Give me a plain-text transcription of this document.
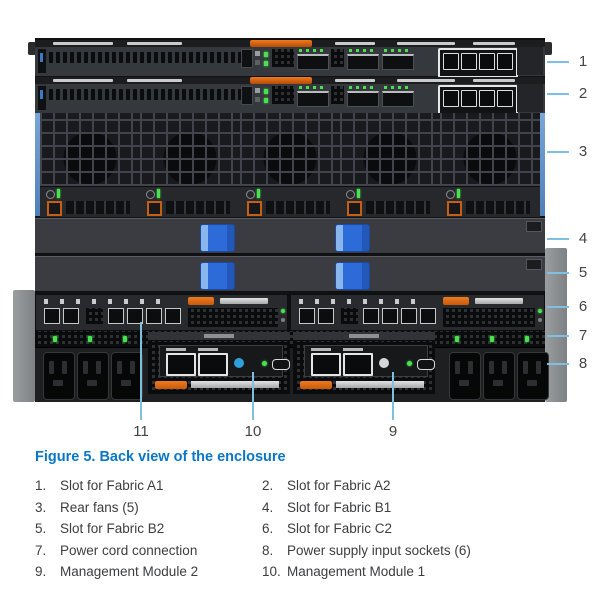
1
2
3
4
5
6
7
8
11	10	9
Figure 5. Back view of the enclosure
1.	Slot for Fabric A1	2.	Slot for Fabric A2
3.	Rear fans (5)	4.	Slot for Fabric B1
5.	Slot for Fabric B2	6.	Slot for Fabric C2
7.	Power cord connection	8.	Power supply input sockets (6)
9.	Management Module 2	10. Management Module 1
